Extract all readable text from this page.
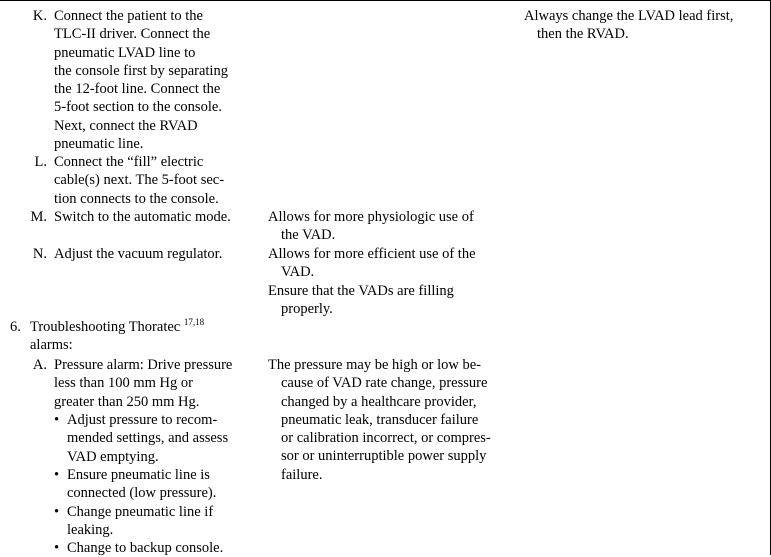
K. Connect the patient to the
TLC-II driver. Connect the
pneumatic LVAD line to
the console first by separating
the 12-foot line. Connect the
5-foot section to the console.
Next, connect the RVAD
pneumatic line.
Always change the LVAD lead first,
then the RVAD.
L. Connect the “fill” electric
cable(s) next. The 5-foot sec-
tion connects to the console.
M. Switch to the automatic mode.	Allows for more physiologic use of
the VAD.
N. Adjust the vacuum regulator.	Allows for more efficient use of the
VAD.
Ensure that the VADs are filling
properly.
6. Troubleshooting Thoratec $^{17,18}$
alarms:
A. Pressure alarm: Drive pressure
less than 100 mm Hg or
greater than 250 mm Hg.
• Adjust pressure to recom-
mended settings, and assess
VAD emptying.
• Ensure pneumatic line is
connected (low pressure).
• Change pneumatic line if
leaking.
• Change to backup console.
The pressure may be high or low be-
cause of VAD rate change, pressure
changed by a healthcare provider,
pneumatic leak, transducer failure
or calibration incorrect, or compres-
sor or uninterruptible power supply
failure.
